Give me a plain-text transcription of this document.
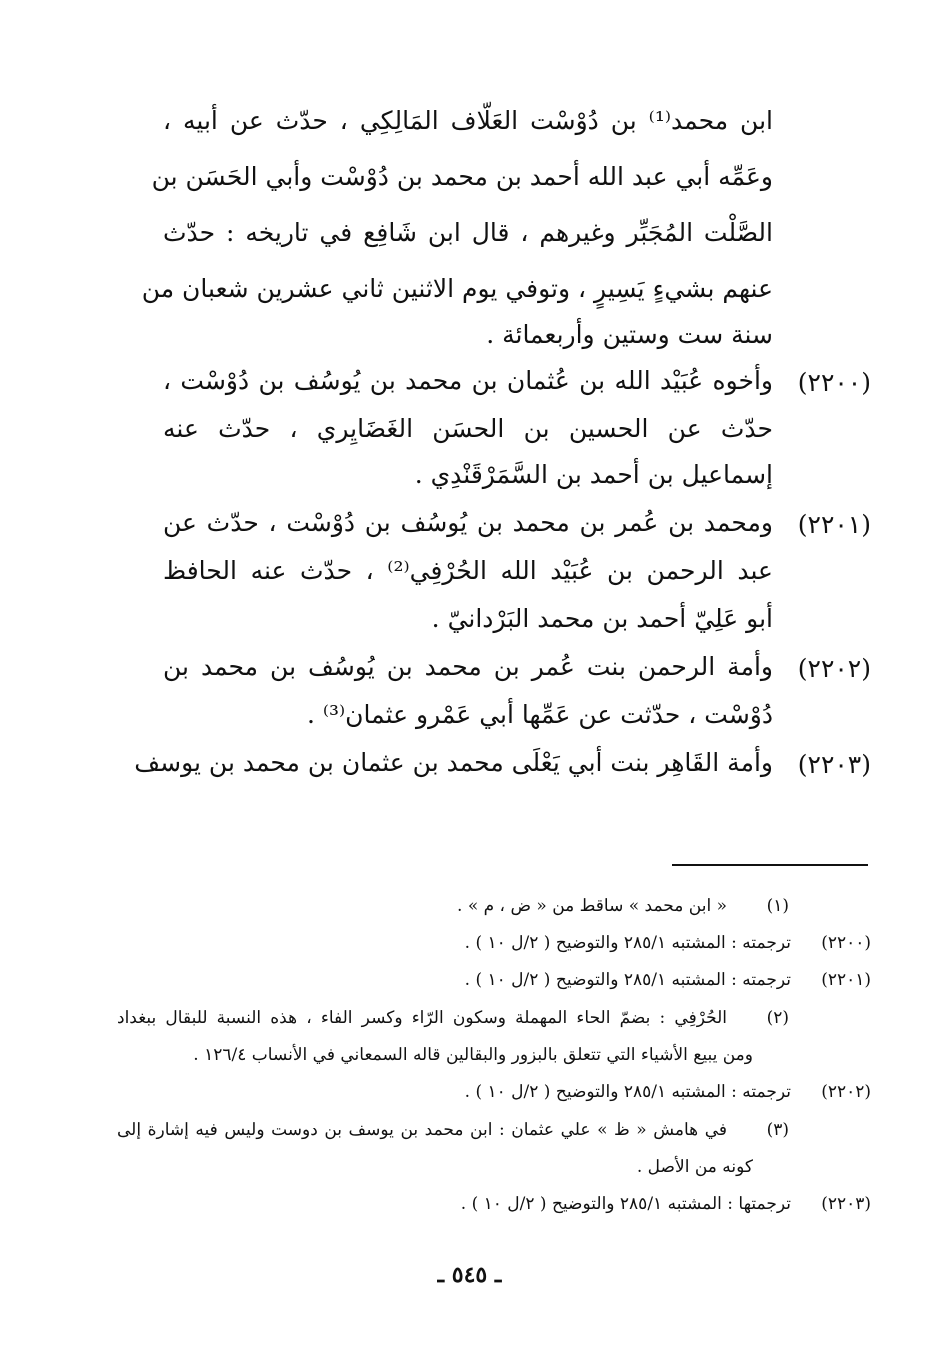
ابن محمد⁽¹⁾ بن دُوْسْت العَلّاف المَالِكِي ، حدّث عن أبيه ،
وعَمِّه أبي عبد الله أحمد بن محمد بن دُوْسْت وأبي الحَسَن بن
الصَّلْت المُجَبِّر وغيرهم ، قال ابن شَافِع في تاريخه : حدّث
عنهم بشيءٍ يَسِيرٍ ، وتوفي يوم الاثنين ثاني عشرين شعبان من
سنة ست وستين وأربعمائة .
(٢٢٠٠)
وأخوه عُبَيْد الله بن عُثمان بن محمد بن يُوسُف بن دُوْسْت ،
حدّث عن الحسين بن الحسَن الغَضَايِري ، حدّث عنه
إسماعيل بن أحمد بن السَّمَرْقَنْدِي .
(٢٢٠١)
ومحمد بن عُمر بن محمد بن يُوسُف بن دُوْسْت ، حدّث عن
عبد الرحمن بن عُبَيْد الله الحُرْفِي⁽²⁾ ، حدّث عنه الحافظ
أبو عَلِيّ أحمد بن محمد البَرْدانيّ .
(٢٢٠٢)
وأمة الرحمن بنت عُمر بن محمد بن يُوسُف بن محمد بن
دُوْسْت ، حدّثت عن عَمِّها أبي عَمْرو عثمان⁽³⁾ .
(٢٢٠٣)
وأمة القَاهِر بنت أبي يَعْلَى محمد بن عثمان بن محمد بن يوسف
(١)
« ابن محمد » ساقط من « ض ، م » .
(٢٢٠٠)
ترجمته : المشتبه ٢٨٥/١ والتوضيح ( ٢/ل ١٠ ) .
(٢٢٠١)
ترجمته : المشتبه ٢٨٥/١ والتوضيح ( ٢/ل ١٠ ) .
(٢)
الحُرْفِي : بضمّ الحاء المهملة وسكون الرّاء وكسر الفاء ، هذه النسبة للبقال ببغداد
ومن يبيع الأشياء التي تتعلق بالبزور والبقالين قاله السمعاني في الأنساب ١٢٦/٤ .
(٢٢٠٢)
ترجمته : المشتبه ٢٨٥/١ والتوضيح ( ٢/ل ١٠ ) .
(٣)
في هامش « ظ » علي عثمان : ابن محمد بن يوسف بن دوست وليس فيه إشارة إلى
كونه من الأصل .
(٢٢٠٣)
ترجمتها : المشتبه ٢٨٥/١ والتوضيح ( ٢/ل ١٠ ) .
ـ ٥٤٥ ـ
